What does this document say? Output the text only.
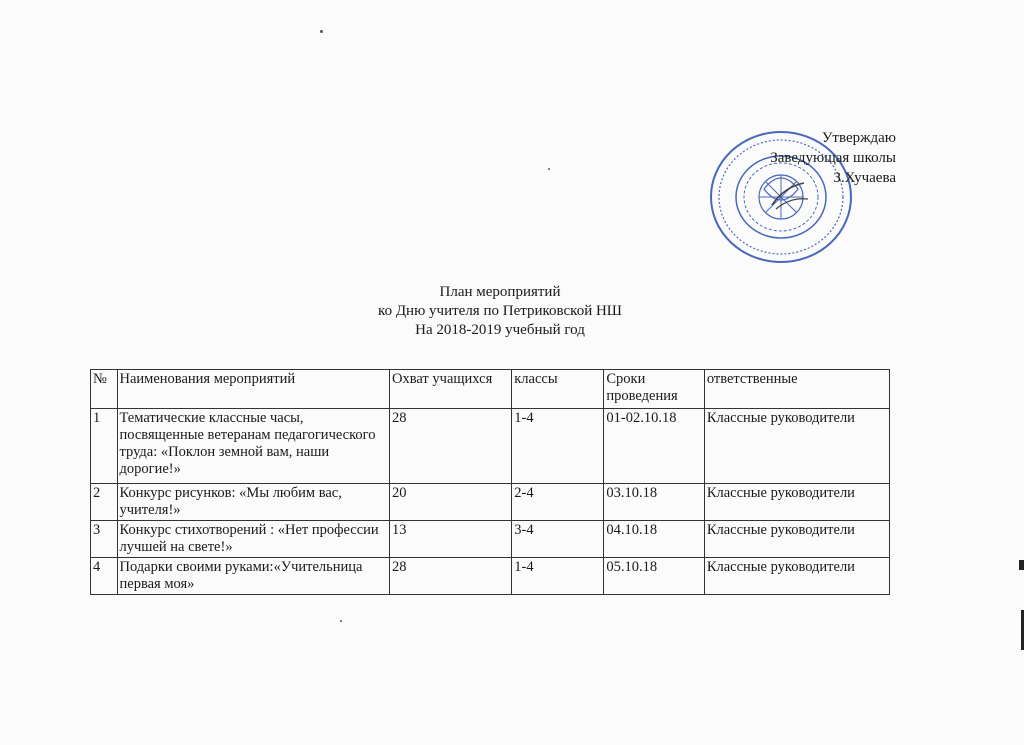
Утверждаю
Заведующая школы
З.Хучаева
План мероприятий
ко Дню учителя по Петриковской НШ
На 2018-2019 учебный год
№	Наименования мероприятий	Охват учащихся	классы	Сроки проведения	ответственные
1	Тематические классные часы, посвященные ветеранам педагогического труда: «Поклон земной вам, наши дорогие!»	28	1-4	01-02.10.18	Классные руководители
2	Конкурс рисунков: «Мы любим вас, учителя!»	20	2-4	03.10.18	Классные руководители
3	Конкурс стихотворений : «Нет профессии лучшей на свете!»	13	3-4	04.10.18	Классные руководители
4	Подарки своими руками:«Учительница первая моя»	28	1-4	05.10.18	Классные руководители
